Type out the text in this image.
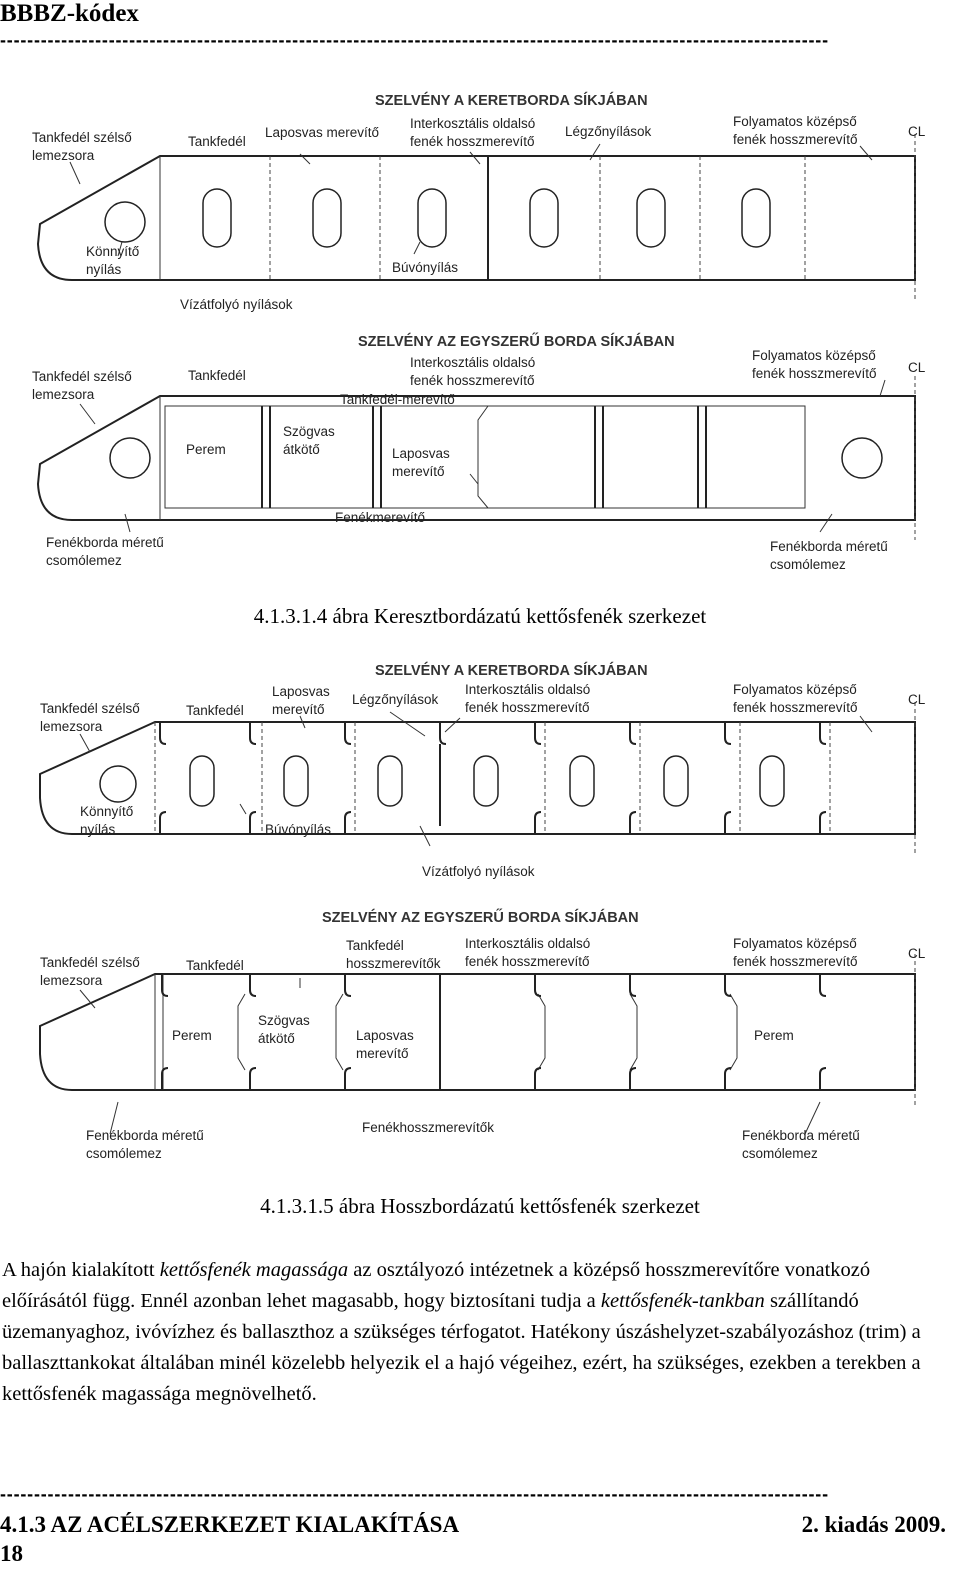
BBBZ-kódex
--------------------------------------------------------------------------------------------------------------------------
SZELVÉNY A KERETBORDA SÍKJÁBAN
Tankfedél szélső
lemezsora
Tankfedél
Laposvas merevítő
Interkosztális oldalsó
fenék hosszmerevítő
Légzőnyílások
Folyamatos középső
fenék hosszmerevítő
CL
Könnyítő
nyílás	Búvónyílás
Vízátfolyó nyílások
SZELVÉNY AZ EGYSZERŰ BORDA SÍKJÁBAN
Tankfedél szélső
lemezsora
Tankfedél
Interkosztális oldalsó
fenék hosszmerevítő
Tankfedél-merevítő
Folyamatos középső
fenék hosszmerevítő CL
Perem
Szögvas
átkötő	Laposvas
merevítő
Fenékmerevítő
Fenékborda méretű
csomólemez
Fenékborda méretű
csomólemez
4.1.3.1.4 ábra Keresztbordázatú kettősfenék szerkezet
SZELVÉNY A KERETBORDA SÍKJÁBAN
Tankfedél szélső
lemezsora
Tankfedél
Laposvas
merevítő
Légzőnyílások
Interkosztális oldalsó
fenék hosszmerevítő
Folyamatos középső
fenék hosszmerevítő
CL
Könnyítő
nyílás	Búvónyílás
Vízátfolyó nyílások
SZELVÉNY AZ EGYSZERŰ BORDA SÍKJÁBAN
Tankfedél szélső
lemezsora
Tankfedél
Tankfedél
hosszmerevítők
Interkosztális oldalsó
fenék hosszmerevítő
Folyamatos középső
fenék hosszmerevítő
CL
Perem
Szögvas
átkötő	Laposvas
merevítő
Perem
Fenékhosszmerevítők
Fenékborda méretű
csomólemez
Fenékborda méretű
csomólemez
4.1.3.1.5 ábra Hosszbordázatú kettősfenék szerkezet
A hajón kialakított kettősfenék magassága az osztályozó intézetnek a középső hosszmerevítőre vonatkozó előírásától függ. Ennél azonban lehet magasabb, hogy biztosítani tudja a kettősfenék-tankban szállítandó üzemanyaghoz, ivóvízhez és ballaszthoz a szükséges térfogatot. Hatékony úszáshelyzet-szabályozáshoz (trim) a ballaszttankokat általában minél közelebb helyezik el a hajó végeihez, ezért, ha szükséges, ezekben a terekben a kettősfenék magassága megnövelhető.
--------------------------------------------------------------------------------------------------------------------------
4.1.3 AZ ACÉLSZERKEZET KIALAKÍTÁSA	2. kiadás 2009.
18
